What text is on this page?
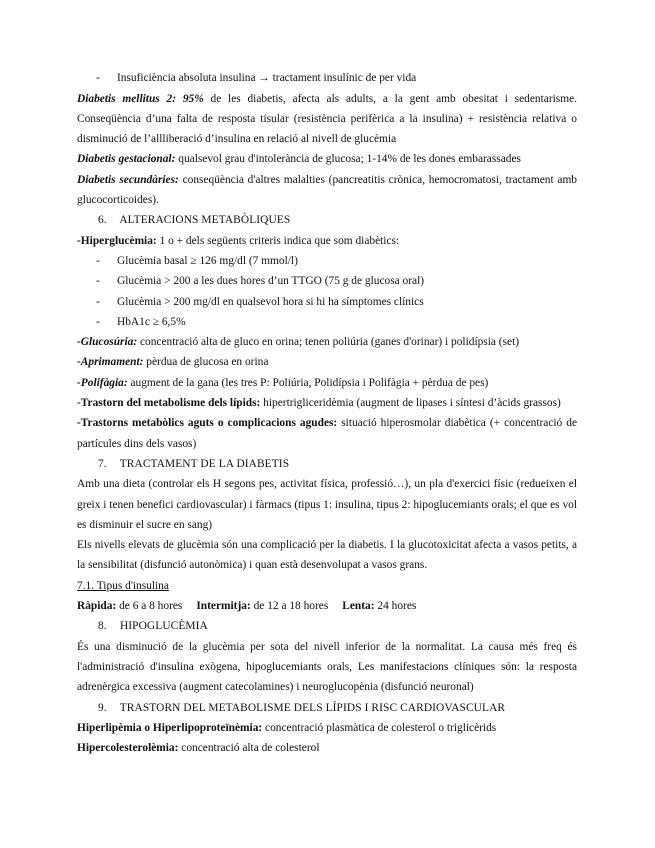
- Insuficiència absoluta insulina → tractament insulínic de per vida

Diabetis mellitus 2: 95% de les diabetis, afecta als adults, a la gent amb obesitat i sedentarisme. Conseqüència d’una falta de resposta tisular (resistència perifèrica a la insulina) + resistència relativa o disminució de l’allliberació d’insulina en relació al nivell de glucèmia

Diabetis gestacional: qualsevol grau d'intolerància de glucosa; 1-14% de les dones embarassades

Diabetis secundàries: conseqüència d'altres malalties (pancreatitis crònica, hemocromatosi, tractament amb glucocorticoides).

6. ALTERACIONS METABÒLIQUES

-Hiperglucèmia: 1 o + dels següents criteris indica que som diabètics:

- Glucèmia basal ≥ 126 mg/dl (7 mmol/l)
- Glucèmia > 200 a les dues hores d’un TTGO (75 g de glucosa oral)
- Glucèmia > 200 mg/dl en qualsevol hora si hi ha símptomes clínics
- HbA1c ≥ 6,5%

-Glucosúria: concentració alta de gluco en orina; tenen poliúria (ganes d'orinar) i polidípsia (set)

-Aprimament: pèrdua de glucosa en orina

-Polifàgia: augment de la gana (les tres P: Poliúria, Polidípsia i Polifàgia + pèrdua de pes)

-Trastorn del metabolisme dels lípids: hipertrigliceridèmia (augment de lipases i síntesi d’àcids grassos)

-Trastorns metabòlics aguts o complicacions agudes: situació hiperosmolar diabètica (+ concentració de partícules dins dels vasos)

7. TRACTAMENT DE LA DIABETIS

Amb una dieta (controlar els H segons pes, activitat física, professió…), un pla d'exercici físic (redueixen el greix i tenen benefici cardiovascular) i fàrmacs (tipus 1: insulina, tipus 2: hipoglucemiants orals; el que es vol es disminuir el sucre en sang)

Els nivells elevats de glucèmia són una complicació per la diabetis. I la glucotoxicitat afecta a vasos petits, a la sensibilitat (disfunció autonòmica) i quan està desenvolupat a vasos grans.

7.1. Tipus d'insulina

Ràpida: de 6 a 8 hores Intermitja: de 12 a 18 hores Lenta: 24 hores

8. HIPOGLUCÈMIA

És una disminució de la glucèmia per sota del nivell inferior de la normalitat. La causa més freq és l'administració d'insulina exògena, hipoglucemiants orals, Les manifestacions clíniques són: la resposta adrenèrgica excessiva (augment catecolamines) i neuroglucopènia (disfunció neuronal)

9. TRASTORN DEL METABOLISME DELS LÍPIDS I RISC CARDIOVASCULAR

Hiperlipèmia o Hiperlipoproteïnèmia: concentració plasmàtica de colesterol o triglicèrids

Hipercolesterolèmia: concentració alta de colesterol
